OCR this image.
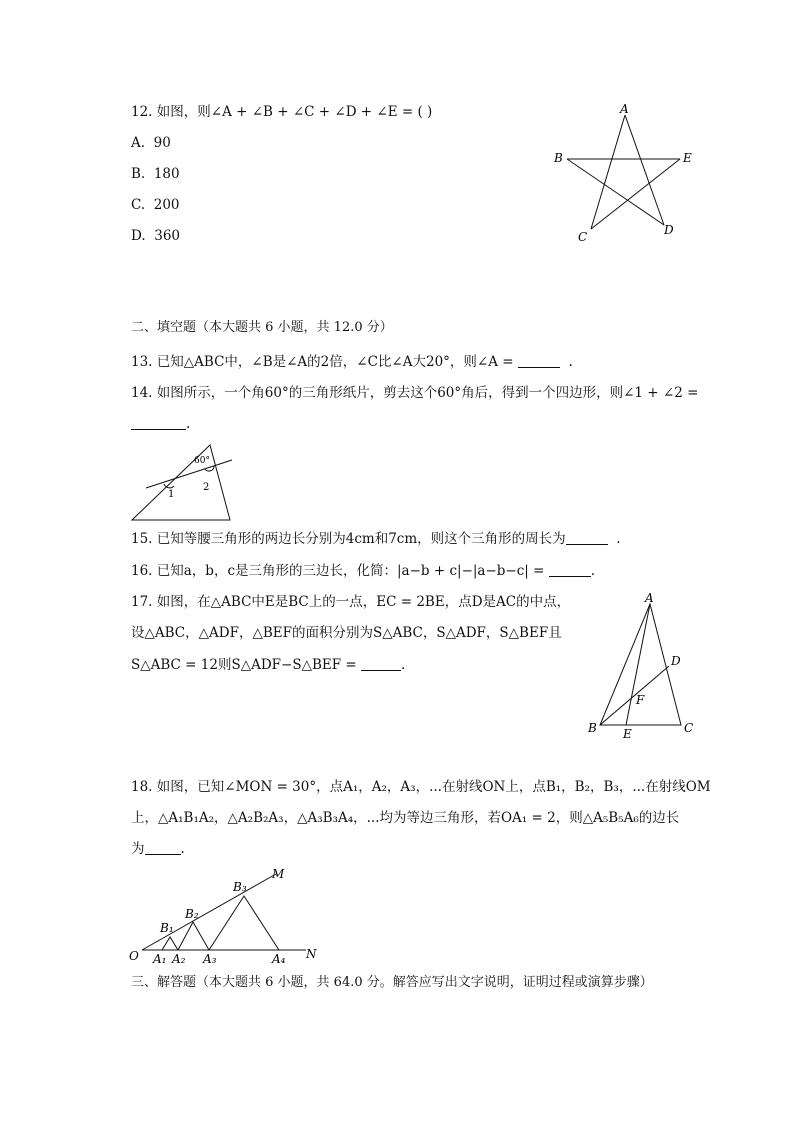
12. 如图，则∠A + ∠B + ∠C + ∠D + ∠E = ( )
A. 90
B. 180
C. 200
D. 360
A
B
C	D
E
二、填空题（本大题共 6 小题，共 12.0 分）
13. 已知△ABC中，∠B是∠A的2倍，∠C比∠A大20°，则∠A =	.
14. 如图所示，一个角60°的三角形纸片，剪去这个60°角后，得到一个四边形，则∠1 + ∠2 =
.
60°
1
2
15. 已知等腰三角形的两边长分别为4cm和7cm，则这个三角形的周长为	.
16. 已知a，b，c是三角形的三边长，化简：|a−b + c|−|a−b−c| =	.
17. 如图，在△ABC中E是BC上的一点，EC = 2BE，点D是AC的中点，
设△ABC，△ADF，△BEF的面积分别为S△ABC，S△ADF，S△BEF且
S△ABC = 12则S△ADF−S△BEF =	.
A
B	C
D
E
F
18. 如图，已知∠MON = 30°，点A₁，A₂，A₃，...在射线ON上，点B₁，B₂，B₃，...在射线OM
上，△A₁B₁A₂，△A₂B₂A₃，△A₃B₃A₄，...均为等边三角形，若OA₁ = 2，则△A₅B₅A₆的边长
为	.
O
M
N
A₁ A₂ A₃	A₄
B₁
B₂
B₃
三、解答题（本大题共 6 小题，共 64.0 分。解答应写出文字说明，证明过程或演算步骤）
